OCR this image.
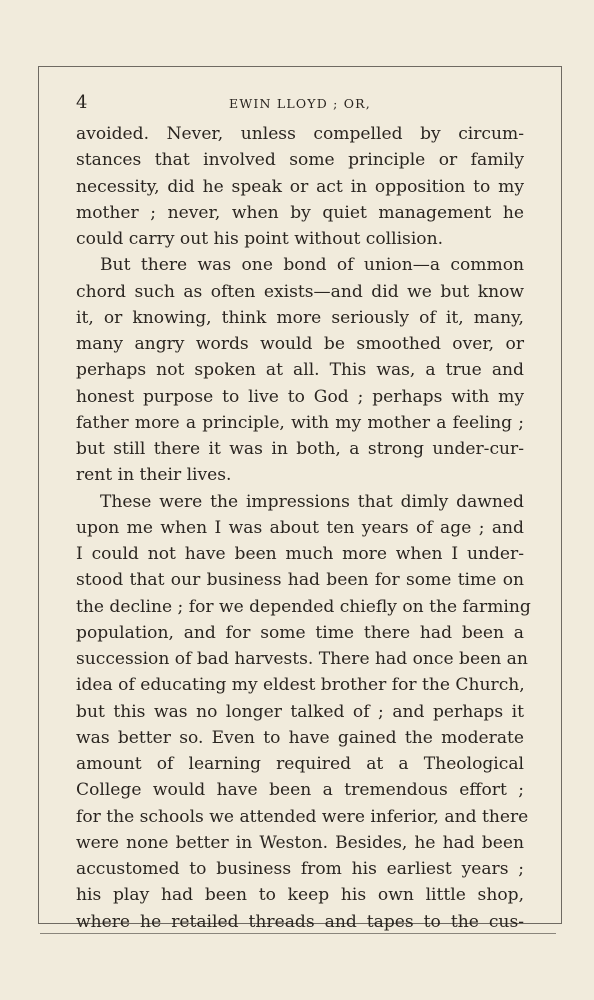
4	EWIN LLOYD ; OR,
avoided. Never, unless compelled by circum-
stances that involved some principle or family
necessity, did he speak or act in opposition to my
mother ; never, when by quiet management he
could carry out his point without collision.
But there was one bond of union—a common
chord such as often exists—and did we but know
it, or knowing, think more seriously of it, many,
many angry words would be smoothed over, or
perhaps not spoken at all. This was, a true and
honest purpose to live to God ; perhaps with my
father more a principle, with my mother a feeling ;
but still there it was in both, a strong under-cur-
rent in their lives.
These were the impressions that dimly dawned
upon me when I was about ten years of age ; and
I could not have been much more when I under-
stood that our business had been for some time on
the decline ; for we depended chiefly on the farming
population, and for some time there had been a
succession of bad harvests. There had once been an
idea of educating my eldest brother for the Church,
but this was no longer talked of ; and perhaps it
was better so. Even to have gained the moderate
amount of learning required at a Theological
College would have been a tremendous effort ;
for the schools we attended were inferior, and there
were none better in Weston. Besides, he had been
accustomed to business from his earliest years ;
his play had been to keep his own little shop,
where he retailed threads and tapes to the cus-
